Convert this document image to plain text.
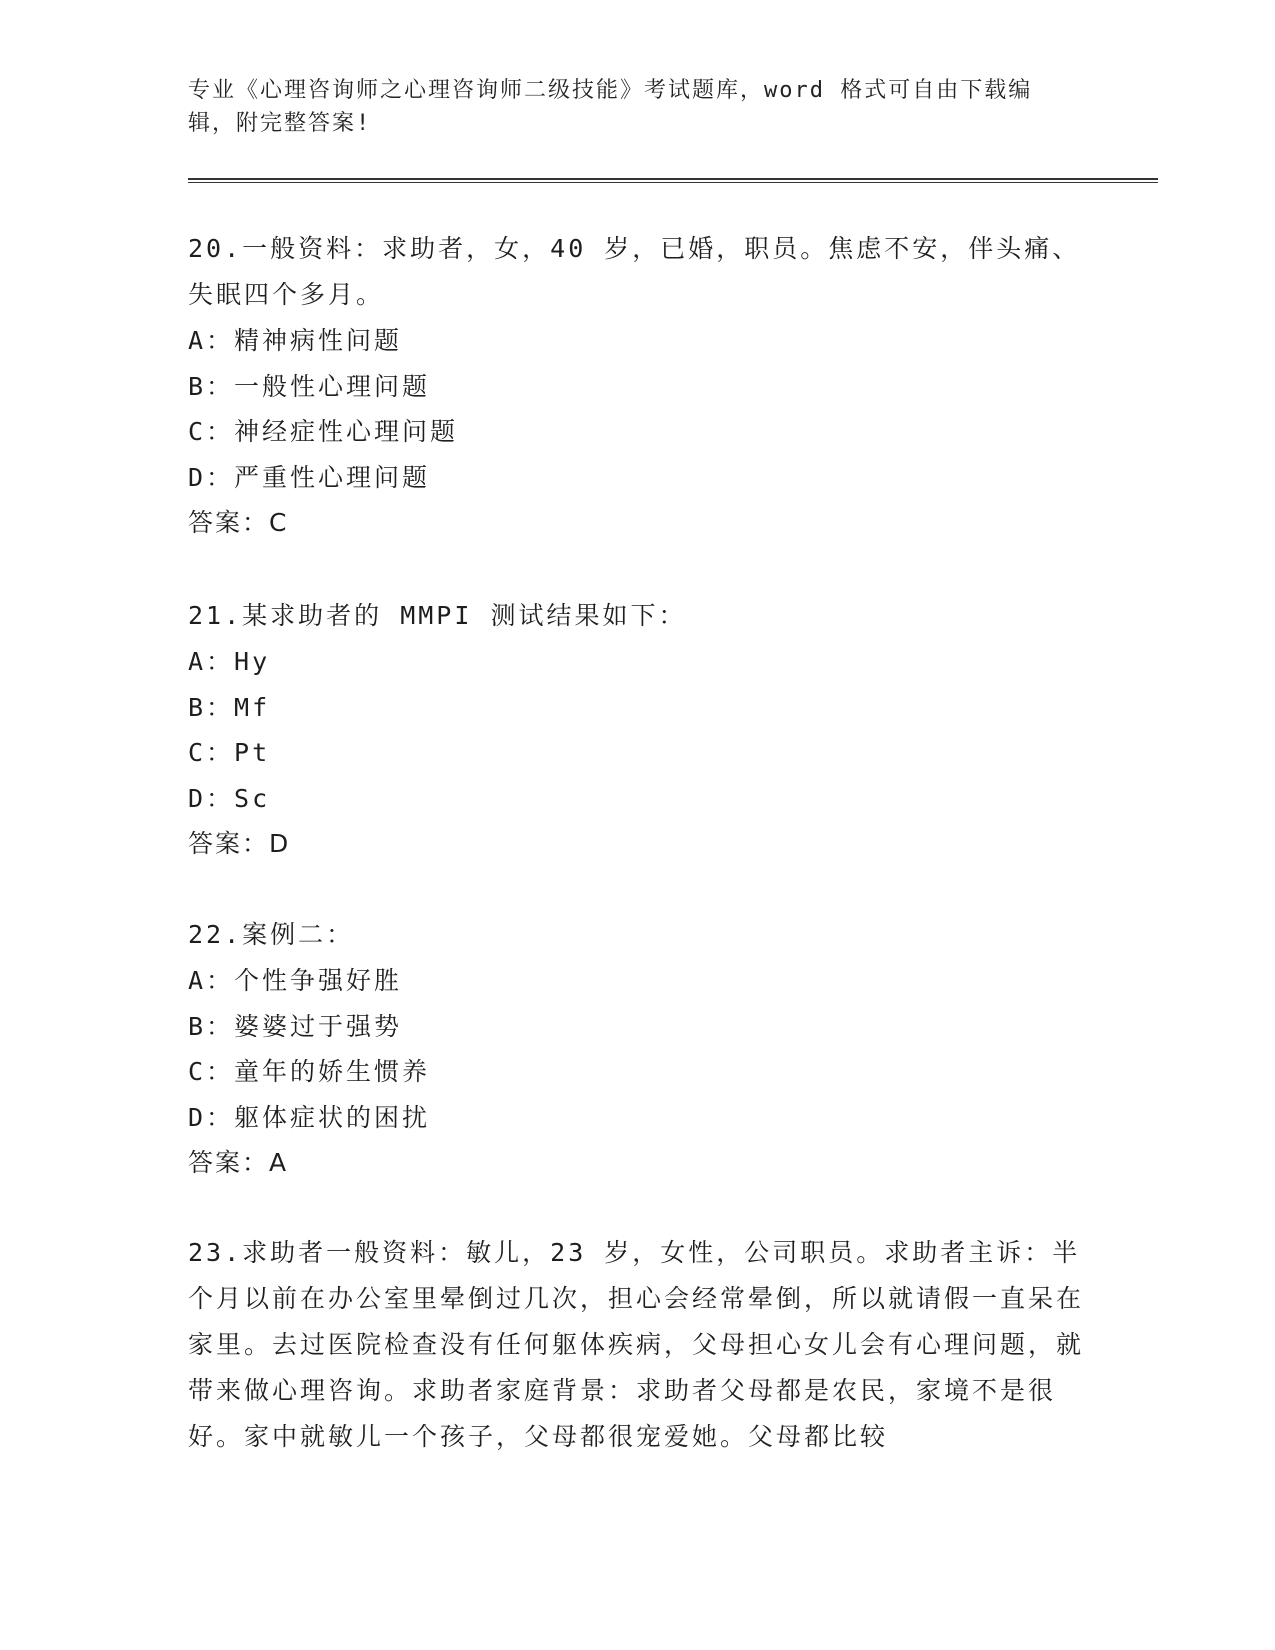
专业《心理咨询师之心理咨询师二级技能》考试题库，word 格式可自由下载编辑，附完整答案!

20.一般资料：求助者，女，40 岁，已婚，职员。焦虑不安，伴头痛、失眠四个多月。

A：精神病性问题

B：一般性心理问题

C：神经症性心理问题

D：严重性心理问题

答案：C

21.某求助者的 MMPI 测试结果如下：

A：Hy

B：Mf

C：Pt

D：Sc

答案：D

22.案例二：

A：个性争强好胜

B：婆婆过于强势

C：童年的娇生惯养

D：躯体症状的困扰

答案：A

23.求助者一般资料：敏儿，23 岁，女性，公司职员。求助者主诉：半个月以前在办公室里晕倒过几次，担心会经常晕倒，所以就请假一直呆在家里。去过医院检查没有任何躯体疾病，父母担心女儿会有心理问题，就带来做心理咨询。求助者家庭背景：求助者父母都是农民，家境不是很好。家中就敏儿一个孩子，父母都很宠爱她。父母都比较
